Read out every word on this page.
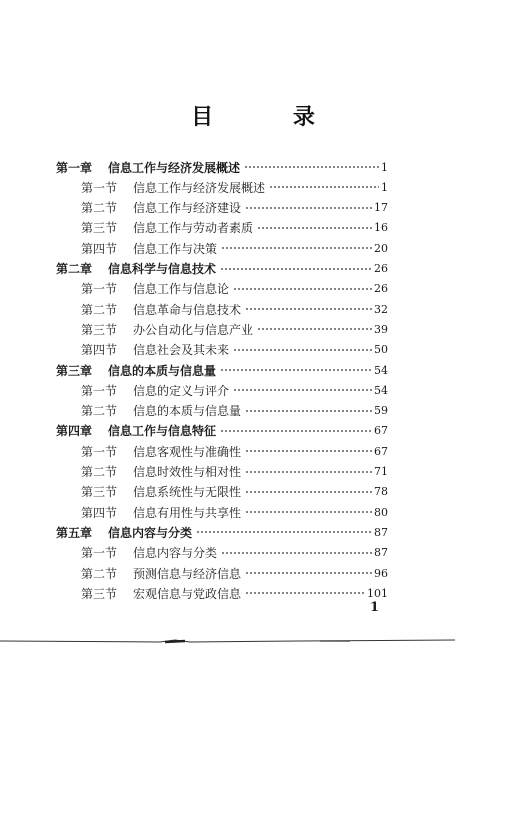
目 录
第一章	信息工作与经济发展概述	1
第一节	信息工作与经济发展概述	1
第二节	信息工作与经济建设	17
第三节	信息工作与劳动者素质	16
第四节	信息工作与决策	20
第二章	信息科学与信息技术	26
第一节	信息工作与信息论	26
第二节	信息革命与信息技术	32
第三节	办公自动化与信息产业	39
第四节	信息社会及其未来	50
第三章	信息的本质与信息量	54
第一节	信息的定义与评介	54
第二节	信息的本质与信息量	59
第四章	信息工作与信息特征	67
第一节	信息客观性与准确性	67
第二节	信息时效性与相对性	71
第三节	信息系统性与无限性	78
第四节	信息有用性与共享性	80
第五章	信息内容与分类	87
第一节	信息内容与分类	87
第二节	预测信息与经济信息	96
第三节	宏观信息与党政信息	101
1
